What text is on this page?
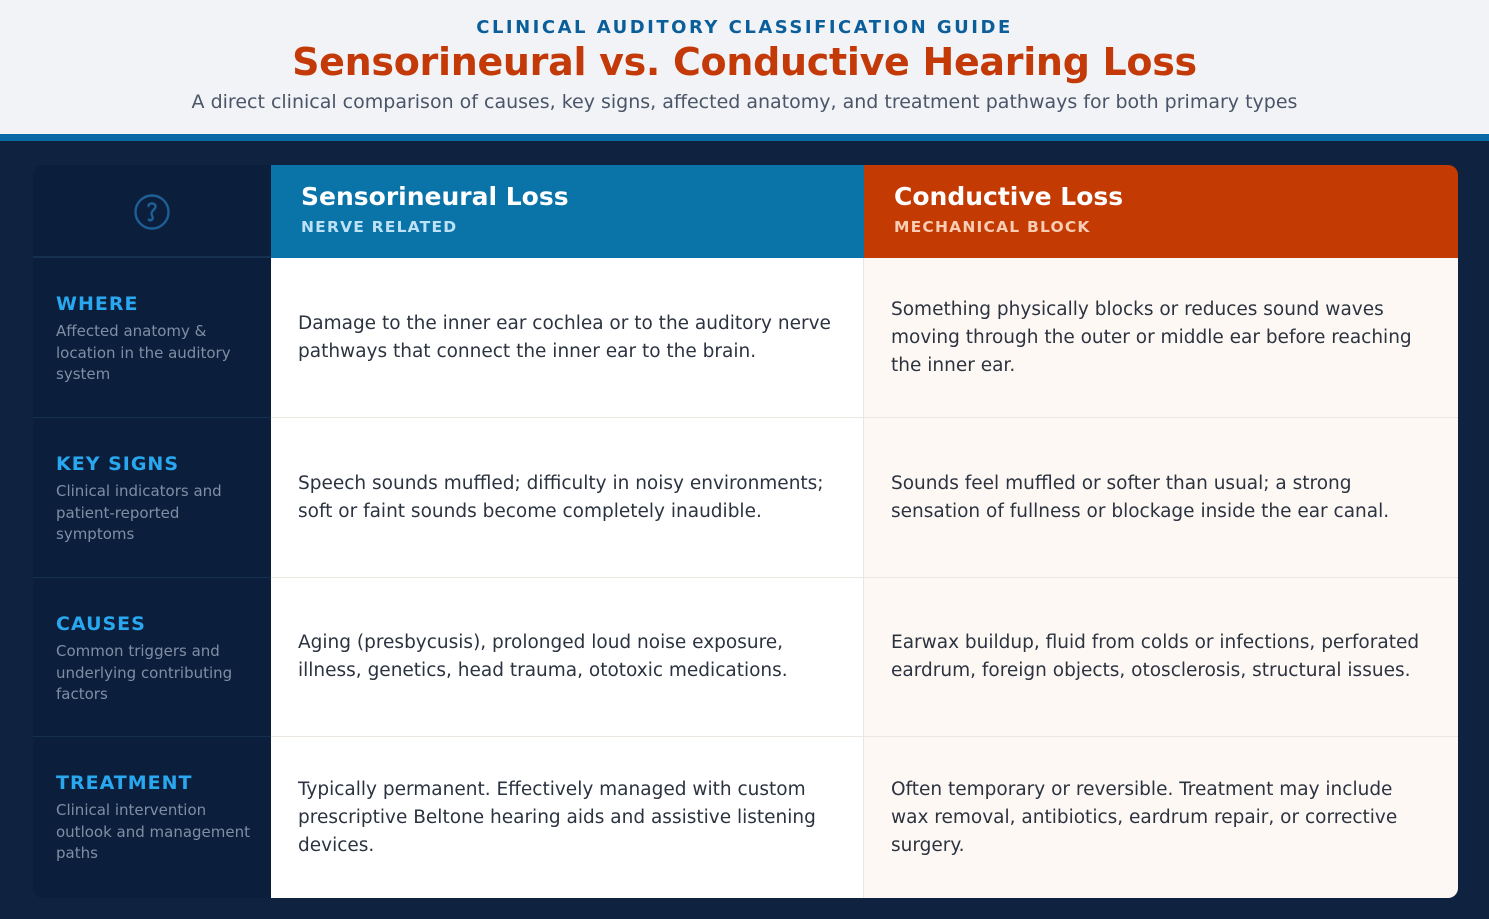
CLINICAL AUDITORY CLASSIFICATION GUIDE
Sensorineural vs. Conductive Hearing Loss
A direct clinical comparison of causes, key signs, affected anatomy, and treatment pathways for both primary types
Sensorineural Loss
NERVE RELATED
Conductive Loss
MECHANICAL BLOCK
WHERE
Affected anatomy & location in the auditory system
Damage to the inner ear cochlea or to the auditory nerve pathways that connect the inner ear to the brain.
Something physically blocks or reduces sound waves moving through the outer or middle ear before reaching the inner ear.
KEY SIGNS
Clinical indicators and patient-reported symptoms
Speech sounds muffled; difficulty in noisy environments; soft or faint sounds become completely inaudible.
Sounds feel muffled or softer than usual; a strong sensation of fullness or blockage inside the ear canal.
CAUSES
Common triggers and underlying contributing factors
Aging (presbycusis), prolonged loud noise exposure, illness, genetics, head trauma, ototoxic medications.
Earwax buildup, fluid from colds or infections, perforated eardrum, foreign objects, otosclerosis, structural issues.
TREATMENT
Clinical intervention outlook and management paths
Typically permanent. Effectively managed with custom prescriptive Beltone hearing aids and assistive listening devices.
Often temporary or reversible. Treatment may include wax removal, antibiotics, eardrum repair, or corrective surgery.
